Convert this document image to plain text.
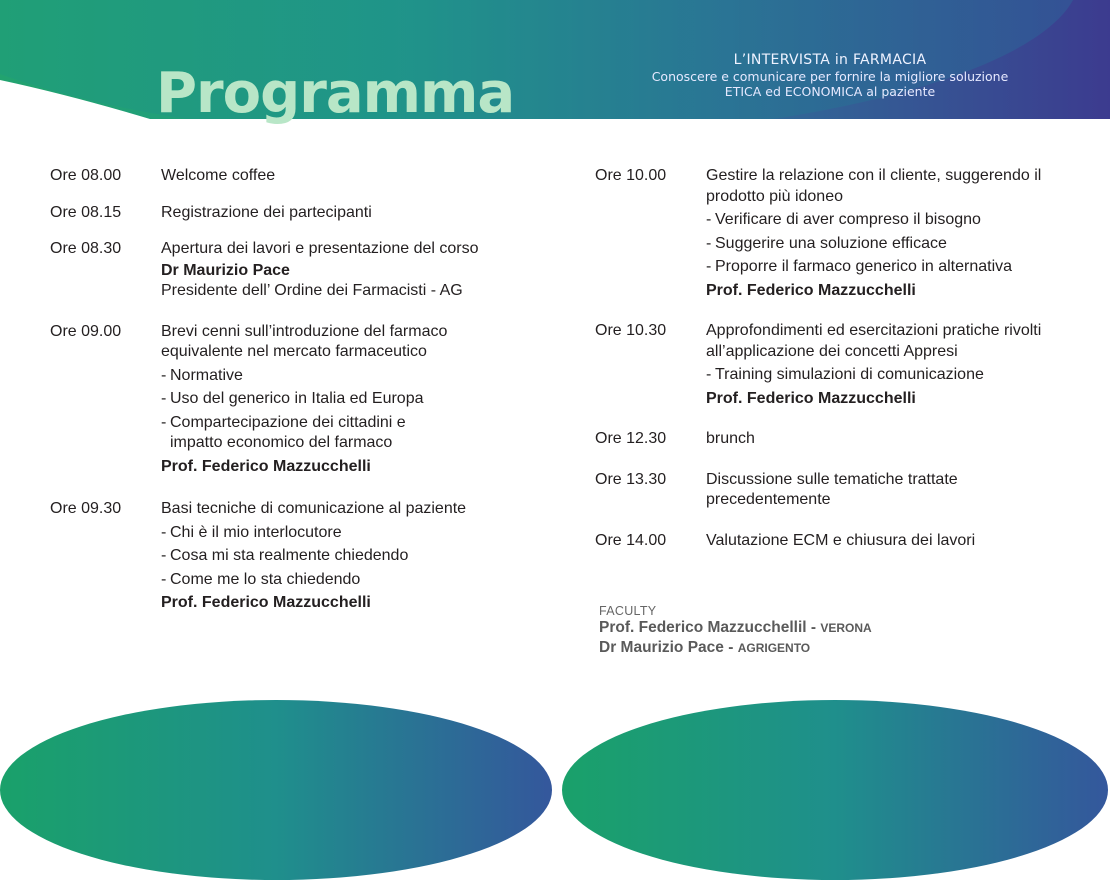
Programma
L’INTERVISTA in FARMACIA
Conoscere e comunicare per fornire la migliore soluzione
ETICA ed ECONOMICA al paziente
Ore 08.00	Welcome coffee
Ore 08.15	Registrazione dei partecipanti
Ore 08.30	Apertura dei lavori e presentazione del corso
Dr Maurizio Pace
Presidente dell’ Ordine dei Farmacisti - AG
Ore 09.00	Brevi cenni sull’introduzione del farmaco equivalente nel mercato farmaceutico
- Normative
- Uso del generico in Italia ed Europa
- Compartecipazione dei cittadini e impatto economico del farmaco
Prof. Federico Mazzucchelli
Ore 09.30	Basi tecniche di comunicazione al paziente
- Chi è il mio interlocutore
- Cosa mi sta realmente chiedendo
- Come me lo sta chiedendo
Prof. Federico Mazzucchelli
Ore 10.00	Gestire la relazione con il cliente, suggerendo il prodotto più idoneo
- Verificare di aver compreso il bisogno
- Suggerire una soluzione efficace
- Proporre il farmaco generico in alternativa
Prof. Federico Mazzucchelli
Ore 10.30	Approfondimenti ed esercitazioni pratiche rivolti all’applicazione dei concetti Appresi
- Training simulazioni di comunicazione
Prof. Federico Mazzucchelli
Ore 12.30	brunch
Ore 13.30	Discussione sulle tematiche trattate precedentemente
Ore 14.00	Valutazione ECM e chiusura dei lavori
FACULTY
Prof. Federico Mazzucchellil - VERONA
Dr Maurizio Pace - AGRIGENTO
